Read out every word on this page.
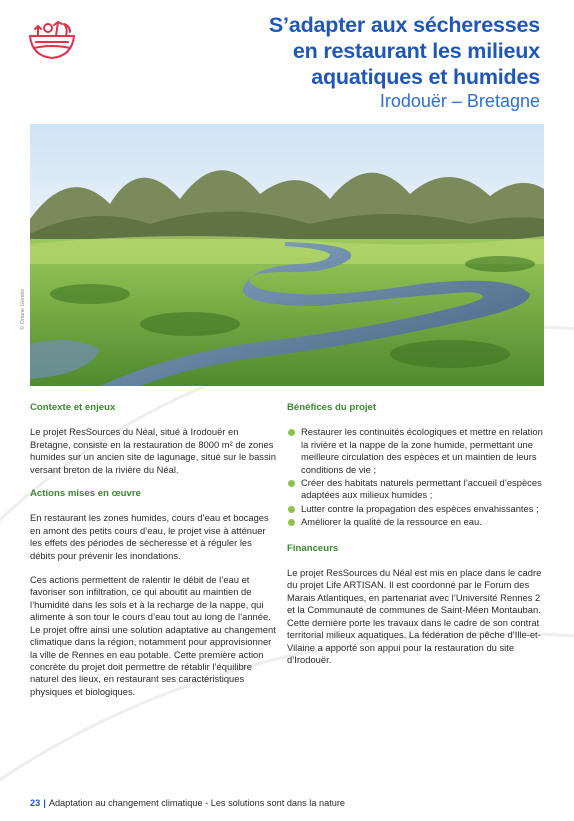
S’adapter aux sécheresses
en restaurant les milieux
aquatiques et humides

Irodouër – Bretagne

© Oriane Genois
Contexte et enjeux

Le projet ResSources du Néal, situé à Irodouër en Bretagne, consiste en la restauration de 8000 m² de zones humides sur un ancien site de lagunage, situé sur le bassin versant breton de la rivière du Néal.

Actions mises en œuvre

En restaurant les zones humides, cours d’eau et bocages en amont des petits cours d’eau, le projet vise à atténuer les effets des périodes de sécheresse et à réguler les débits pour prévenir les inondations.

Ces actions permettent de ralentir le débit de l’eau et favoriser son infiltration, ce qui aboutit au maintien de l’humidité dans les sols et à la recharge de la nappe, qui alimente à son tour le cours d’eau tout au long de l’année. Le projet offre ainsi une solution adaptative au changement climatique dans la région, notamment pour approvisionner la ville de Rennes en eau potable. Cette première action concrète du projet doit permettre de rétablir l’équilibre naturel des lieux, en restaurant ses caractéristiques physiques et biologiques.

Bénéfices du projet
Restaurer les continuités écologiques et mettre en relation la rivière et la nappe de la zone humide, permettant une meilleure circulation des espèces et un maintien de leurs conditions de vie ;
Créer des habitats naturels permettant l’accueil d’espèces adaptées aux milieux humides ;
Lutter contre la propagation des espèces envahissantes ;
Améliorer la qualité de la ressource en eau.
Financeurs

Le projet ResSources du Néal est mis en place dans le cadre du projet Life ARTISAN. Il est coordonné par le Forum des Marais Atlantiques, en partenariat avec l’Université Rennes 2 et la Communauté de communes de Saint-Méen Montauban. Cette dernière porte les travaux dans le cadre de son contrat territorial milieux aquatiques. La fédération de pêche d’Ille-et-Vilaine a apporté son appui pour la restauration du site d’Irodouër.

23 | Adaptation au changement climatique - Les solutions sont dans la nature
